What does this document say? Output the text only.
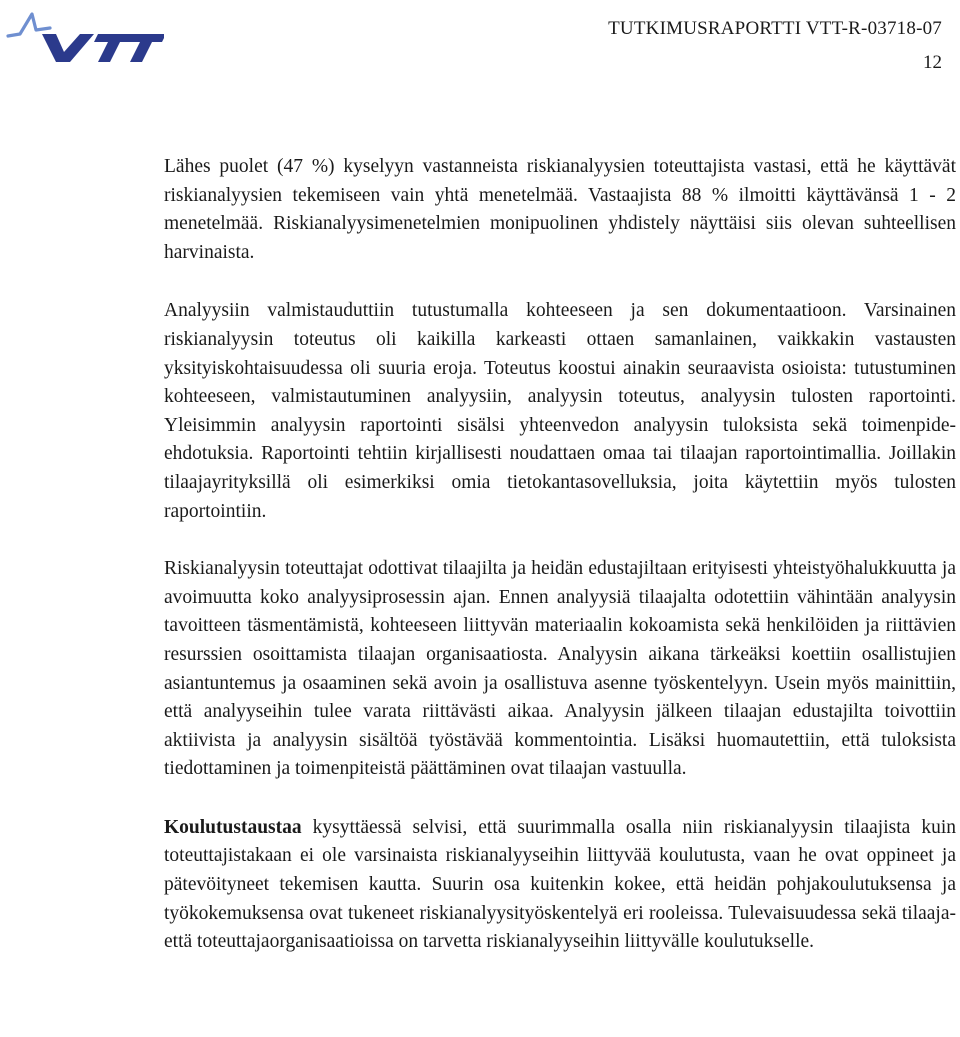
TUTKIMUSRAPORTTI VTT-R-03718-07
12

Lähes puolet (47 %) kyselyyn vastanneista riskianalyysien toteuttajista vastasi, että he käyttävät riskianalyysien tekemiseen vain yhtä menetelmää. Vastaajista 88 % ilmoitti käyttävänsä 1 - 2 menetelmää. Riskianalyysimenetelmien monipuolinen yhdistely näyttäisi siis olevan suhteellisen harvinaista.

Analyysiin valmistauduttiin tutustumalla kohteeseen ja sen dokumentaatioon. Varsinainen riskianalyysin toteutus oli kaikilla karkeasti ottaen samanlainen, vaikkakin vastausten yksityiskohtaisuudessa oli suuria eroja. Toteutus koostui ainakin seuraavista osioista: tutustuminen kohteeseen, valmistautuminen analyysiin, analyysin toteutus, analyysin tulosten raportointi. Yleisimmin analyysin raportointi sisälsi yhteenvedon analyysin tuloksista sekä toimenpide-ehdotuksia. Raportointi tehtiin kirjallisesti noudattaen omaa tai tilaajan raportointimallia. Joillakin tilaajayrityksillä oli esimerkiksi omia tietokantasovelluksia, joita käytettiin myös tulosten raportointiin.

Riskianalyysin toteuttajat odottivat tilaajilta ja heidän edustajiltaan erityisesti yhteistyöhalukkuutta ja avoimuutta koko analyysiprosessin ajan. Ennen analyysiä tilaajalta odotettiin vähintään analyysin tavoitteen täsmentämistä, kohteeseen liittyvän materiaalin kokoamista sekä henkilöiden ja riittävien resurssien osoittamista tilaajan organisaatiosta. Analyysin aikana tärkeäksi koettiin osallistujien asiantuntemus ja osaaminen sekä avoin ja osallistuva asenne työskentelyyn. Usein myös mainittiin, että analyyseihin tulee varata riittävästi aikaa. Analyysin jälkeen tilaajan edustajilta toivottiin aktiivista ja analyysin sisältöä työstävää kommentointia. Lisäksi huomautettiin, että tuloksista tiedottaminen ja toimenpiteistä päättäminen ovat tilaajan vastuulla.

Koulutustaustaa kysyttäessä selvisi, että suurimmalla osalla niin riskianalyysin tilaajista kuin toteuttajistakaan ei ole varsinaista riskianalyyseihin liittyvää koulutusta, vaan he ovat oppineet ja pätevöityneet tekemisen kautta. Suurin osa kuitenkin kokee, että heidän pohjakoulutuksensa ja työkokemuksensa ovat tukeneet riskianalyysityöskentelyä eri rooleissa. Tulevaisuudessa sekä tilaaja- että toteuttajaorganisaatioissa on tarvetta riskianalyyseihin liittyvälle koulutukselle.
